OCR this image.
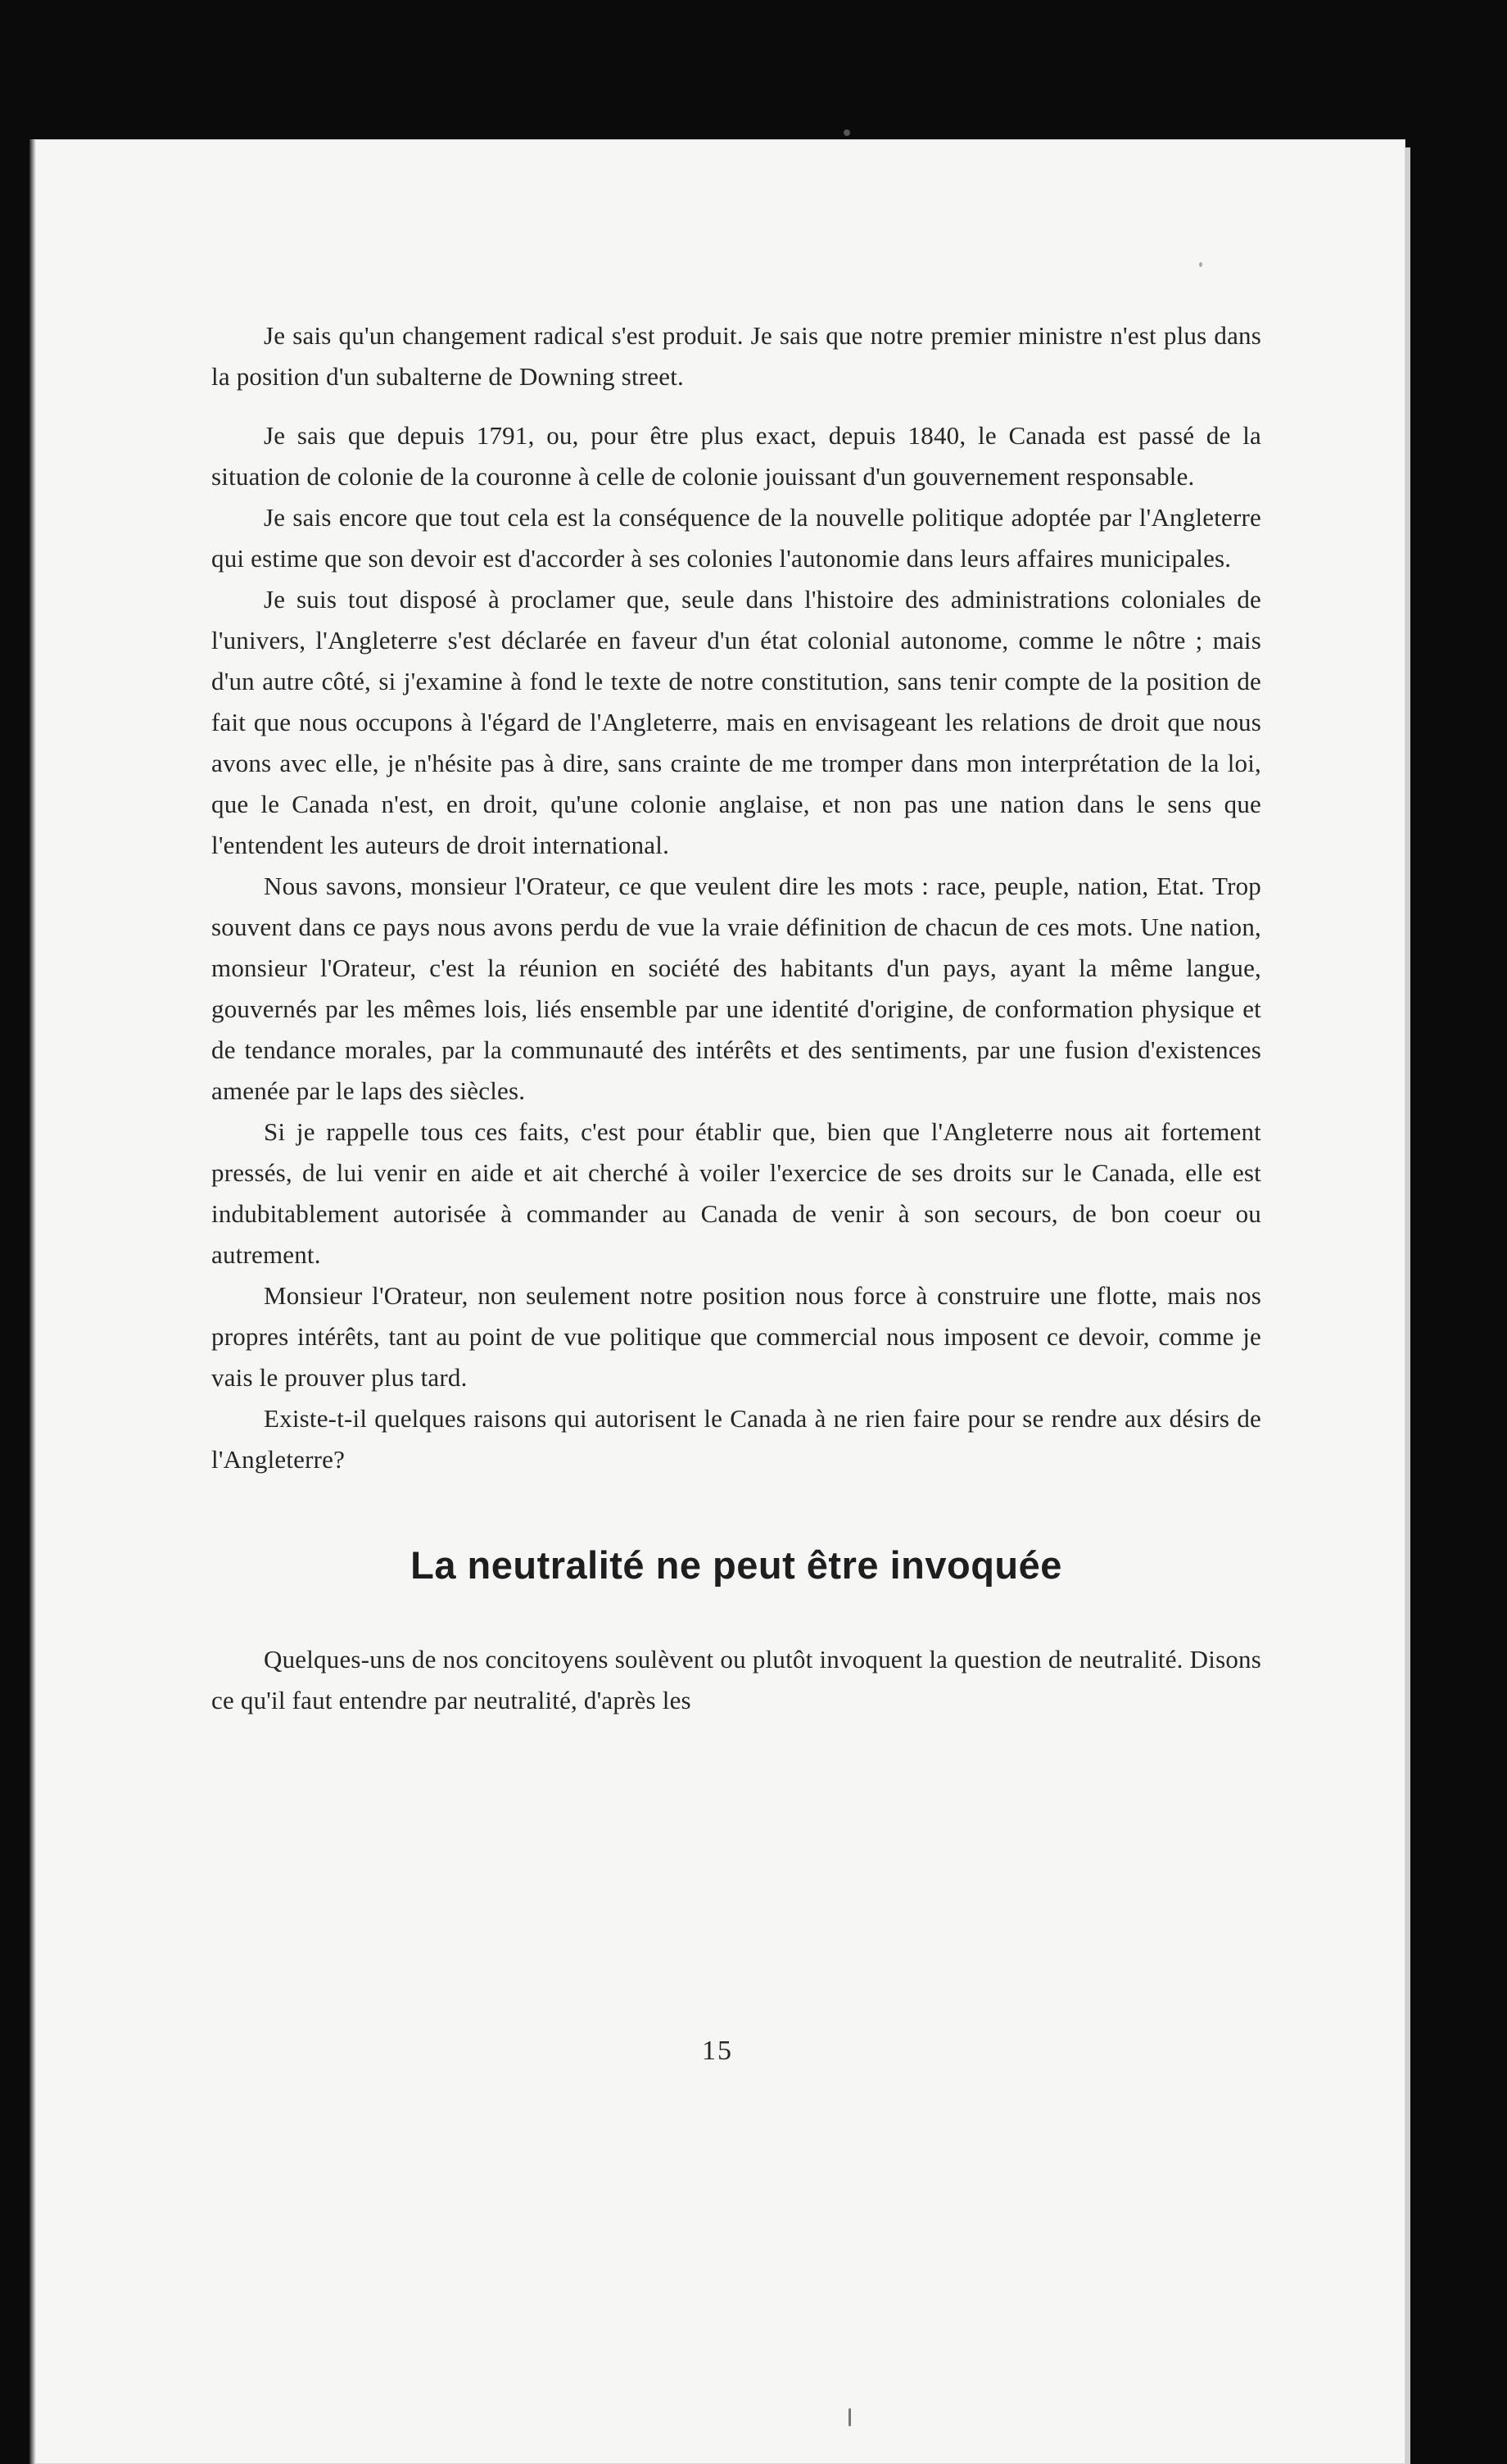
Je sais qu'un changement radical s'est produit. Je sais que notre premier ministre n'est plus dans la position d'un subalterne de Downing street.

Je sais que depuis 1791, ou, pour être plus exact, depuis 1840, le Canada est passé de la situation de colonie de la couronne à celle de colonie jouissant d'un gouvernement responsable.

Je sais encore que tout cela est la conséquence de la nouvelle politique adoptée par l'Angleterre qui estime que son devoir est d'accorder à ses colonies l'autonomie dans leurs affaires municipales.

Je suis tout disposé à proclamer que, seule dans l'histoire des administrations coloniales de l'univers, l'Angleterre s'est déclarée en faveur d'un état colonial autonome, comme le nôtre ; mais d'un autre côté, si j'examine à fond le texte de notre constitution, sans tenir compte de la position de fait que nous occupons à l'égard de l'Angleterre, mais en envisageant les relations de droit que nous avons avec elle, je n'hésite pas à dire, sans crainte de me tromper dans mon interprétation de la loi, que le Canada n'est, en droit, qu'une colonie anglaise, et non pas une nation dans le sens que l'entendent les auteurs de droit international.

Nous savons, monsieur l'Orateur, ce que veulent dire les mots : race, peuple, nation, Etat. Trop souvent dans ce pays nous avons perdu de vue la vraie définition de chacun de ces mots. Une nation, monsieur l'Orateur, c'est la réunion en société des habitants d'un pays, ayant la même langue, gouvernés par les mêmes lois, liés ensemble par une identité d'origine, de conformation physique et de tendance morales, par la communauté des intérêts et des sentiments, par une fusion d'existences amenée par le laps des siècles.

Si je rappelle tous ces faits, c'est pour établir que, bien que l'Angleterre nous ait fortement pressés, de lui venir en aide et ait cherché à voiler l'exercice de ses droits sur le Canada, elle est indubitablement autorisée à commander au Canada de venir à son secours, de bon coeur ou autrement.

Monsieur l'Orateur, non seulement notre position nous force à construire une flotte, mais nos propres intérêts, tant au point de vue politique que commercial nous imposent ce devoir, comme je vais le prouver plus tard.

Existe-t-il quelques raisons qui autorisent le Canada à ne rien faire pour se rendre aux désirs de l'Angleterre?

La neutralité ne peut être invoquée

Quelques-uns de nos concitoyens soulèvent ou plutôt invoquent la question de neutralité. Disons ce qu'il faut entendre par neutralité, d'après les

15
